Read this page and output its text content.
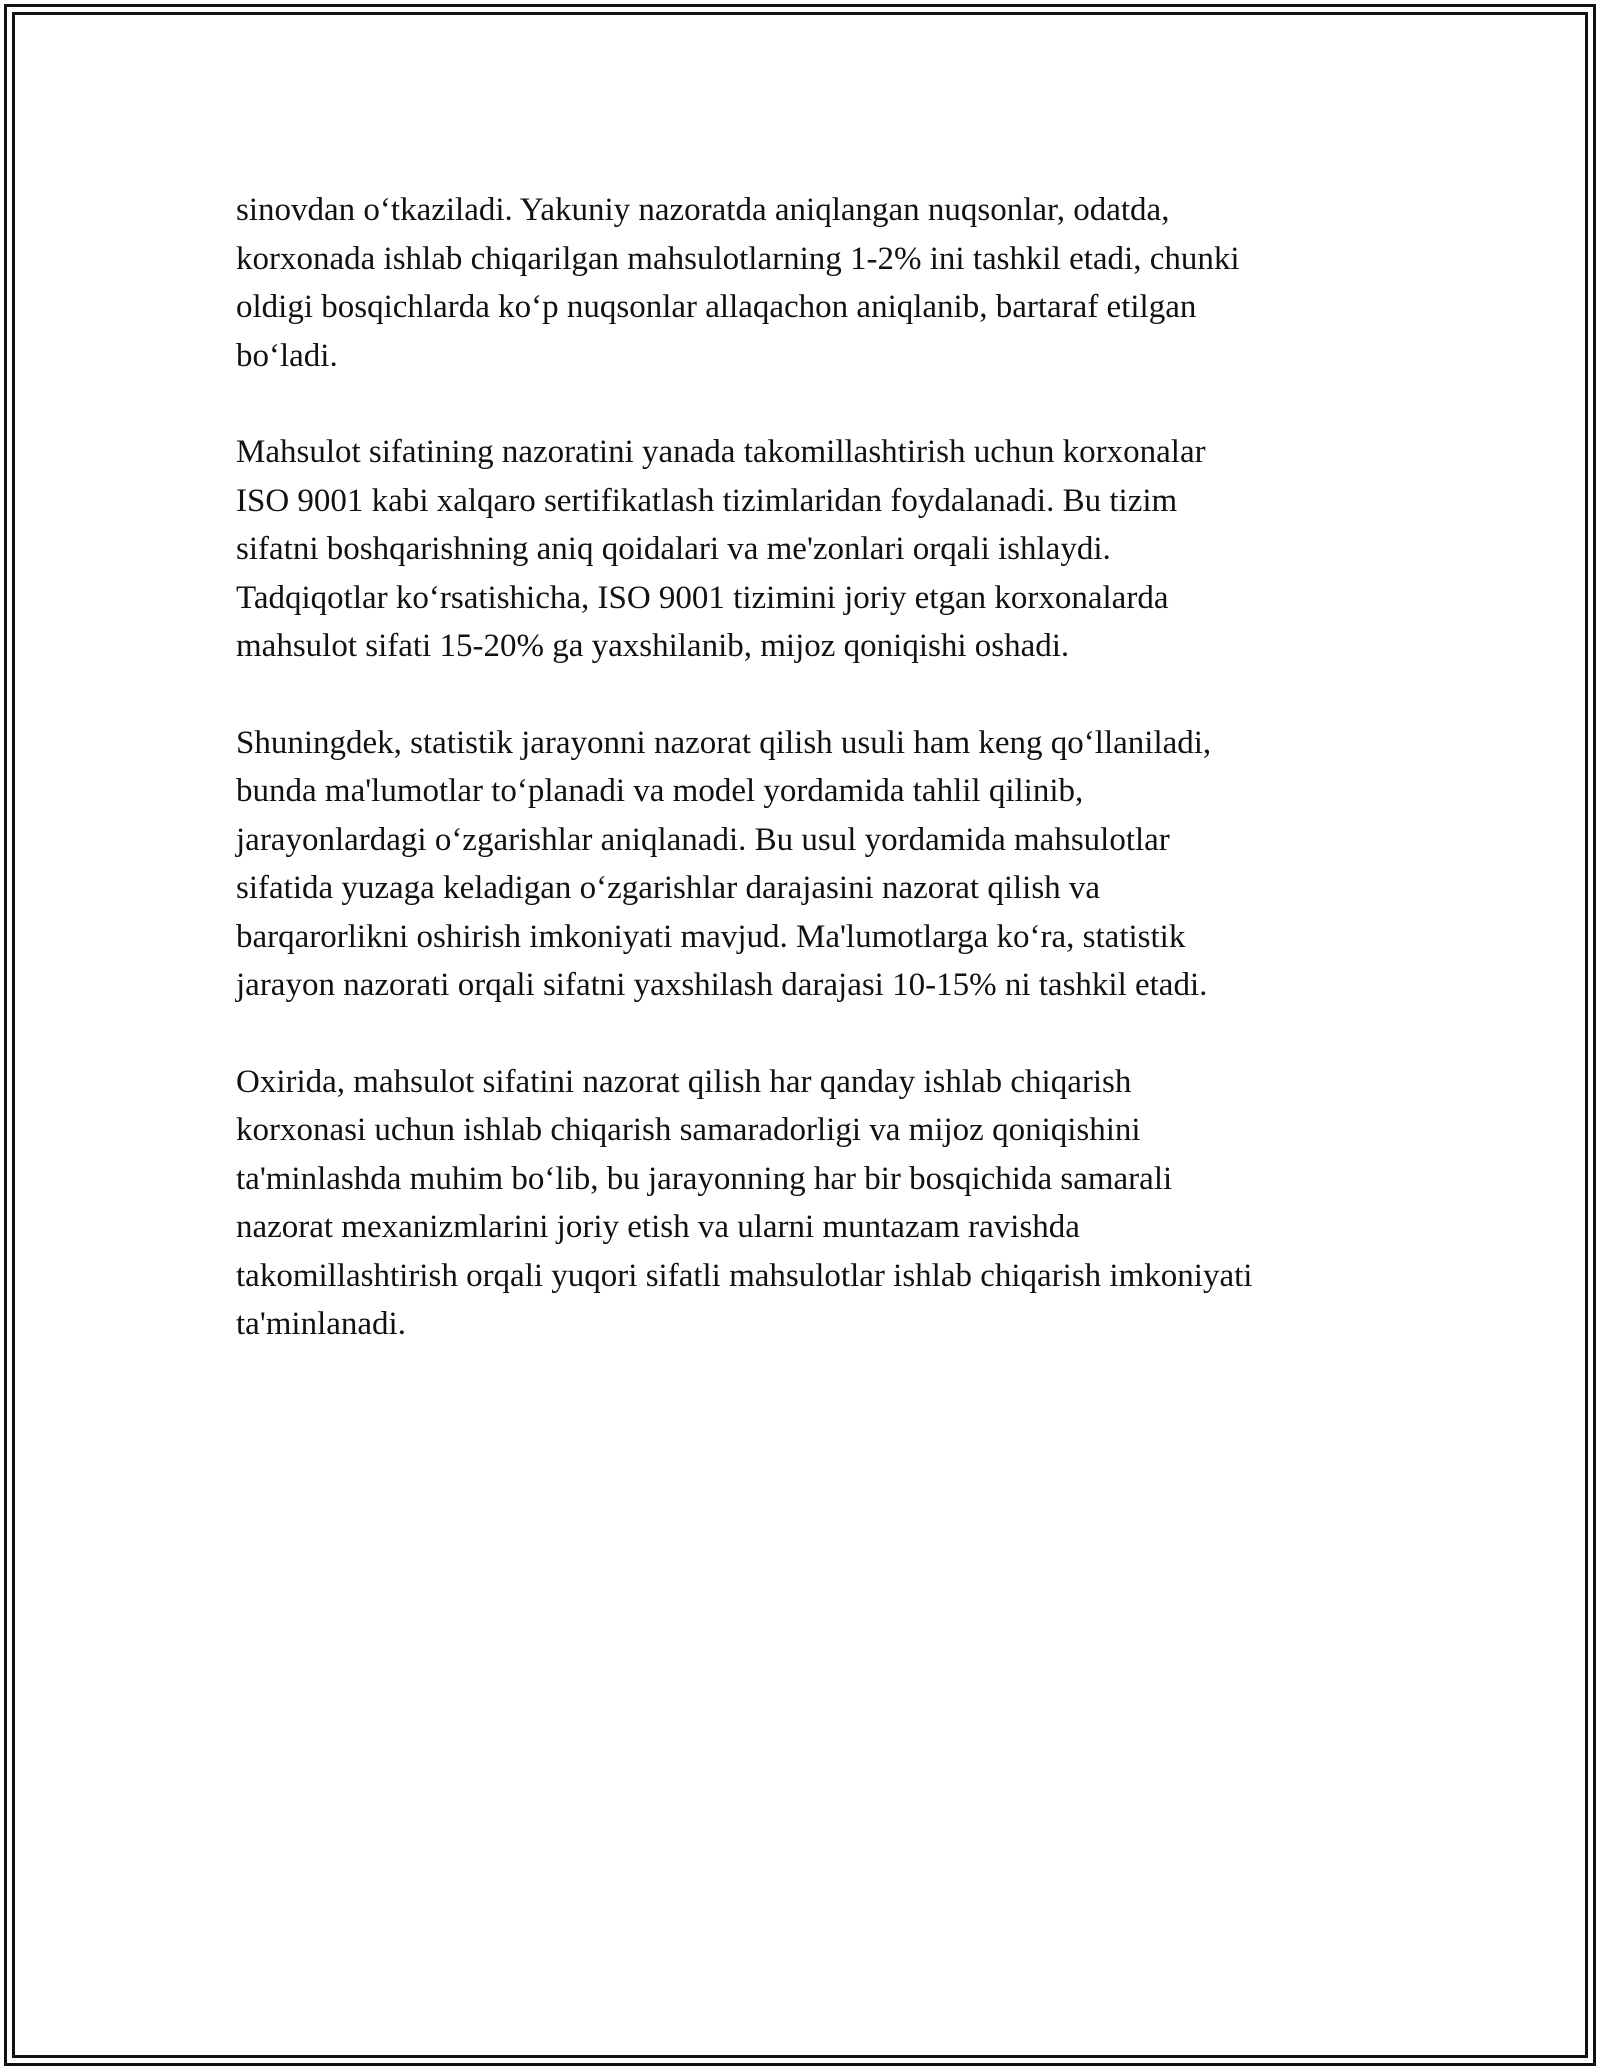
sinovdan o‘tkaziladi. Yakuniy nazoratda aniqlangan nuqsonlar, odatda,
korxonada ishlab chiqarilgan mahsulotlarning 1-2% ini tashkil etadi, chunki
oldigi bosqichlarda ko‘p nuqsonlar allaqachon aniqlanib, bartaraf etilgan
bo‘ladi.

Mahsulot sifatining nazoratini yanada takomillashtirish uchun korxonalar
ISO 9001 kabi xalqaro sertifikatlash tizimlaridan foydalanadi. Bu tizim
sifatni boshqarishning aniq qoidalari va me'zonlari orqali ishlaydi.
Tadqiqotlar ko‘rsatishicha, ISO 9001 tizimini joriy etgan korxonalarda
mahsulot sifati 15-20% ga yaxshilanib, mijoz qoniqishi oshadi.

Shuningdek, statistik jarayonni nazorat qilish usuli ham keng qo‘llaniladi,
bunda ma'lumotlar to‘planadi va model yordamida tahlil qilinib,
jarayonlardagi o‘zgarishlar aniqlanadi. Bu usul yordamida mahsulotlar
sifatida yuzaga keladigan o‘zgarishlar darajasini nazorat qilish va
barqarorlikni oshirish imkoniyati mavjud. Ma'lumotlarga ko‘ra, statistik
jarayon nazorati orqali sifatni yaxshilash darajasi 10-15% ni tashkil etadi.

Oxirida, mahsulot sifatini nazorat qilish har qanday ishlab chiqarish
korxonasi uchun ishlab chiqarish samaradorligi va mijoz qoniqishini
ta'minlashda muhim bo‘lib, bu jarayonning har bir bosqichida samarali
nazorat mexanizmlarini joriy etish va ularni muntazam ravishda
takomillashtirish orqali yuqori sifatli mahsulotlar ishlab chiqarish imkoniyati
ta'minlanadi.
